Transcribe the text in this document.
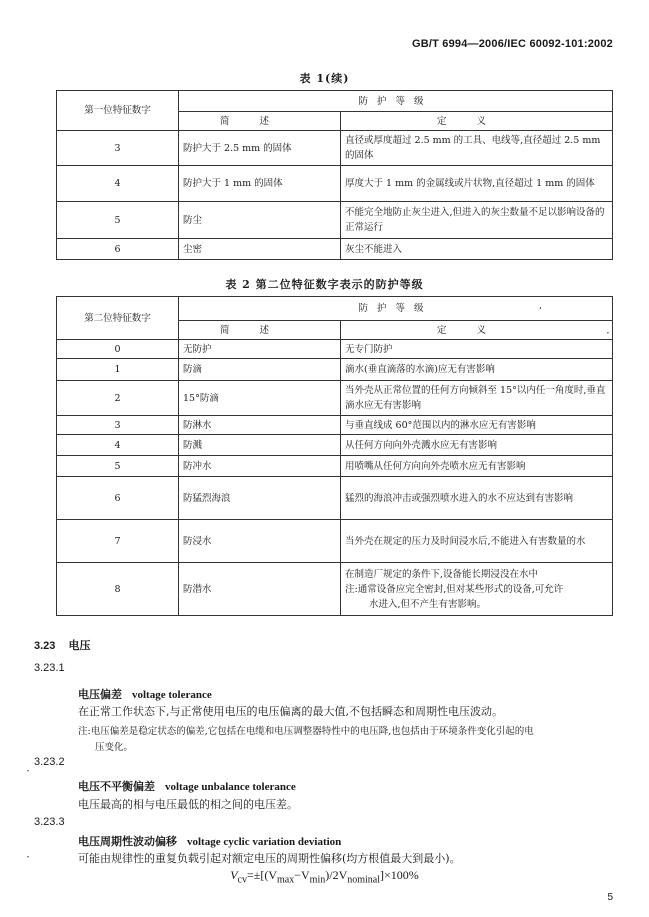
GB/T 6994—2006/IEC 60092-101:2002
表 1(续)
第一位特征数字	防护等级	
	简述	定义
3	防护大于 2.5 mm 的固体	直径或厚度超过 2.5 mm 的工具、电线等,直径超过 2.5 mm的固体
4	防护大于 1 mm 的固体	厚度大于 1 mm 的金属线或片状物,直径超过 1 mm 的固体
5	防尘	不能完全地防止灰尘进入,但进入的灰尘数量不足以影响设备的正常运行
6	尘密	灰尘不能进入
表 2 第二位特征数字表示的防护等级
第二位特征数字	防护等级 ,	

	简述	定义
0	无防护	无专门防护
1	防滴	滴水(垂直滴落的水滴)应无有害影响
2	15°防滴	当外壳从正常位置的任何方向倾斜至 15°以内任一角度时,垂直滴水应无有害影响
3	防淋水	与垂直线成 60°范围以内的淋水应无有害影响
4	防溅	从任何方向向外壳溅水应无有害影响
5	防冲水	用喷嘴从任何方向向外壳喷水应无有害影响
6	防猛烈海浪	猛烈的海浪冲击或强烈喷水进入的水不应达到有害影响
7	防浸水	当外壳在规定的压力及时间浸水后,不能进入有害数量的水
8	防潜水	在制造厂规定的条件下,设备能长期浸没在水中
注:通常设备应完全密封,但对某些形式的设备,可允许
水进入,但不产生有害影响。
3.23 电压
3.23.1
电压偏差 voltage tolerance
在正常工作状态下,与正常使用电压的电压偏离的最大值,不包括瞬态和周期性电压波动。
注:电压偏差是稳定状态的偏差,它包括在电缆和电压调整器特性中的电压降,也包括由于环境条件变化引起的电
压变化。
3.23.2
电压不平衡偏差 voltage unbalance tolerance
电压最高的相与电压最低的相之间的电压差。
3.23.3
电压周期性波动偏移 voltage cyclic variation deviation
可能由规律性的重复负载引起对额定电压的周期性偏移(均方根值最大到最小)。
$V_{cv}=\pm[(V_{max}-V_{min})/2V_{nominal}]\times 100\%$
5
·
·
·
